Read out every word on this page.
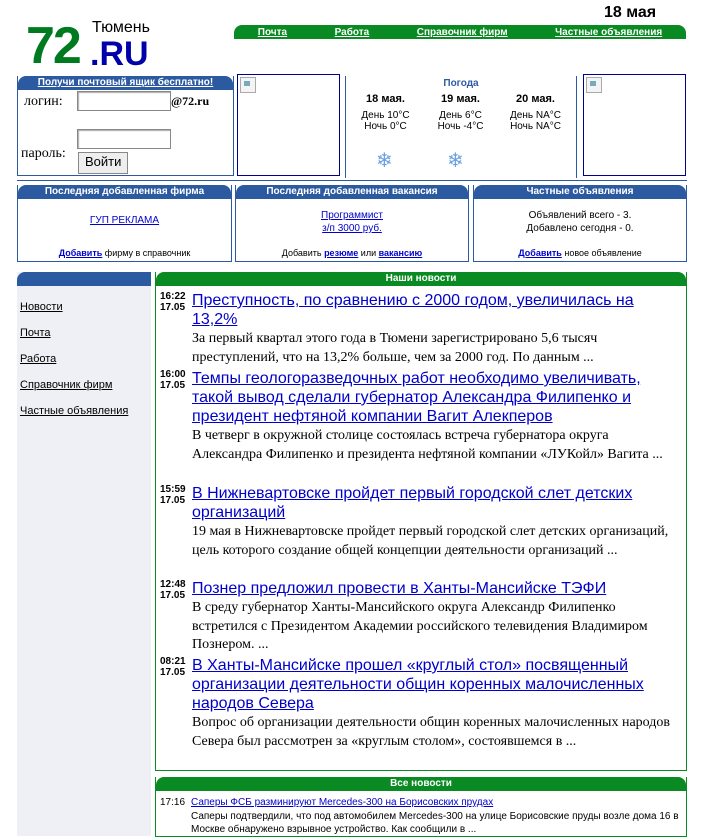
Тюмень
72 .RU
18 мая
Почта	Работа	Справочник фирм	Частные объявления
Получи почтовый ящик бесплатно!
логин:	@72.ru
пароль:
Войти
Погода
18 мая.
День 10°C
Ночь 0°C
19 мая.
День 6°C
Ночь -4°C
20 мая.
День NA°C
Ночь NA°C
❄	❄
Последняя добавленная фирма
ГУП РЕКЛАМА
Добавить фирму в справочник
Последняя добавленная вакансия
Программист
з/п 3000 руб.
Добавить резюме или вакансию
Частные объявления
Объявлений всего - 3.
Добавлено сегодня - 0.
Добавить новое объявление
Новости
Почта
Работа
Справочник фирм
Частные объявления
Наши новости
16:22
17.05 Преступность, по сравнению с 2000 годом, увеличилась на 13,2%
За первый квартал этого года в Тюмени зарегистрировано 5,6 тысяч преступлений, что на 13,2% больше, чем за 2000 год. По данным ...
16:00
17.05 Темпы геологоразведочных работ необходимо увеличивать, такой вывод сделали губернатор Александра Филипенко и президент нефтяной компании Вагит Алекперов
В четверг в окружной столице состоялась встреча губернатора округа Александра Филипенко и президента нефтяной компании «ЛУКойл» Вагита ...
15:59
17.05 В Нижневартовске пройдет первый городской слет детских организаций
19 мая в Нижневартовске пройдет первый городской слет детских организаций, цель которого создание общей концепции деятельности организаций ...
12:48
17.05 Познер предложил провести в Ханты-Мансийске ТЭФИ
В среду губернатор Ханты-Мансийского округа Александр Филипенко встретился с Президентом Академии российского телевидения Владимиром Познером. ...
08:21
17.05 В Ханты-Мансийске прошел «круглый стол» посвященный организации деятельности общин коренных малочисленных народов Севера
Вопрос об организации деятельности общин коренных малочисленных народов Севера был рассмотрен за «круглым столом», состоявшемся в ...
Все новости
17:16 Саперы ФСБ разминируют Mercedes-300 на Борисовских прудах
Саперы подтвердили, что под автомобилем Mercedes-300 на улице Борисовские пруды возле дома 16 в Москве обнаружено взрывное устройство. Как сообщили в ...
